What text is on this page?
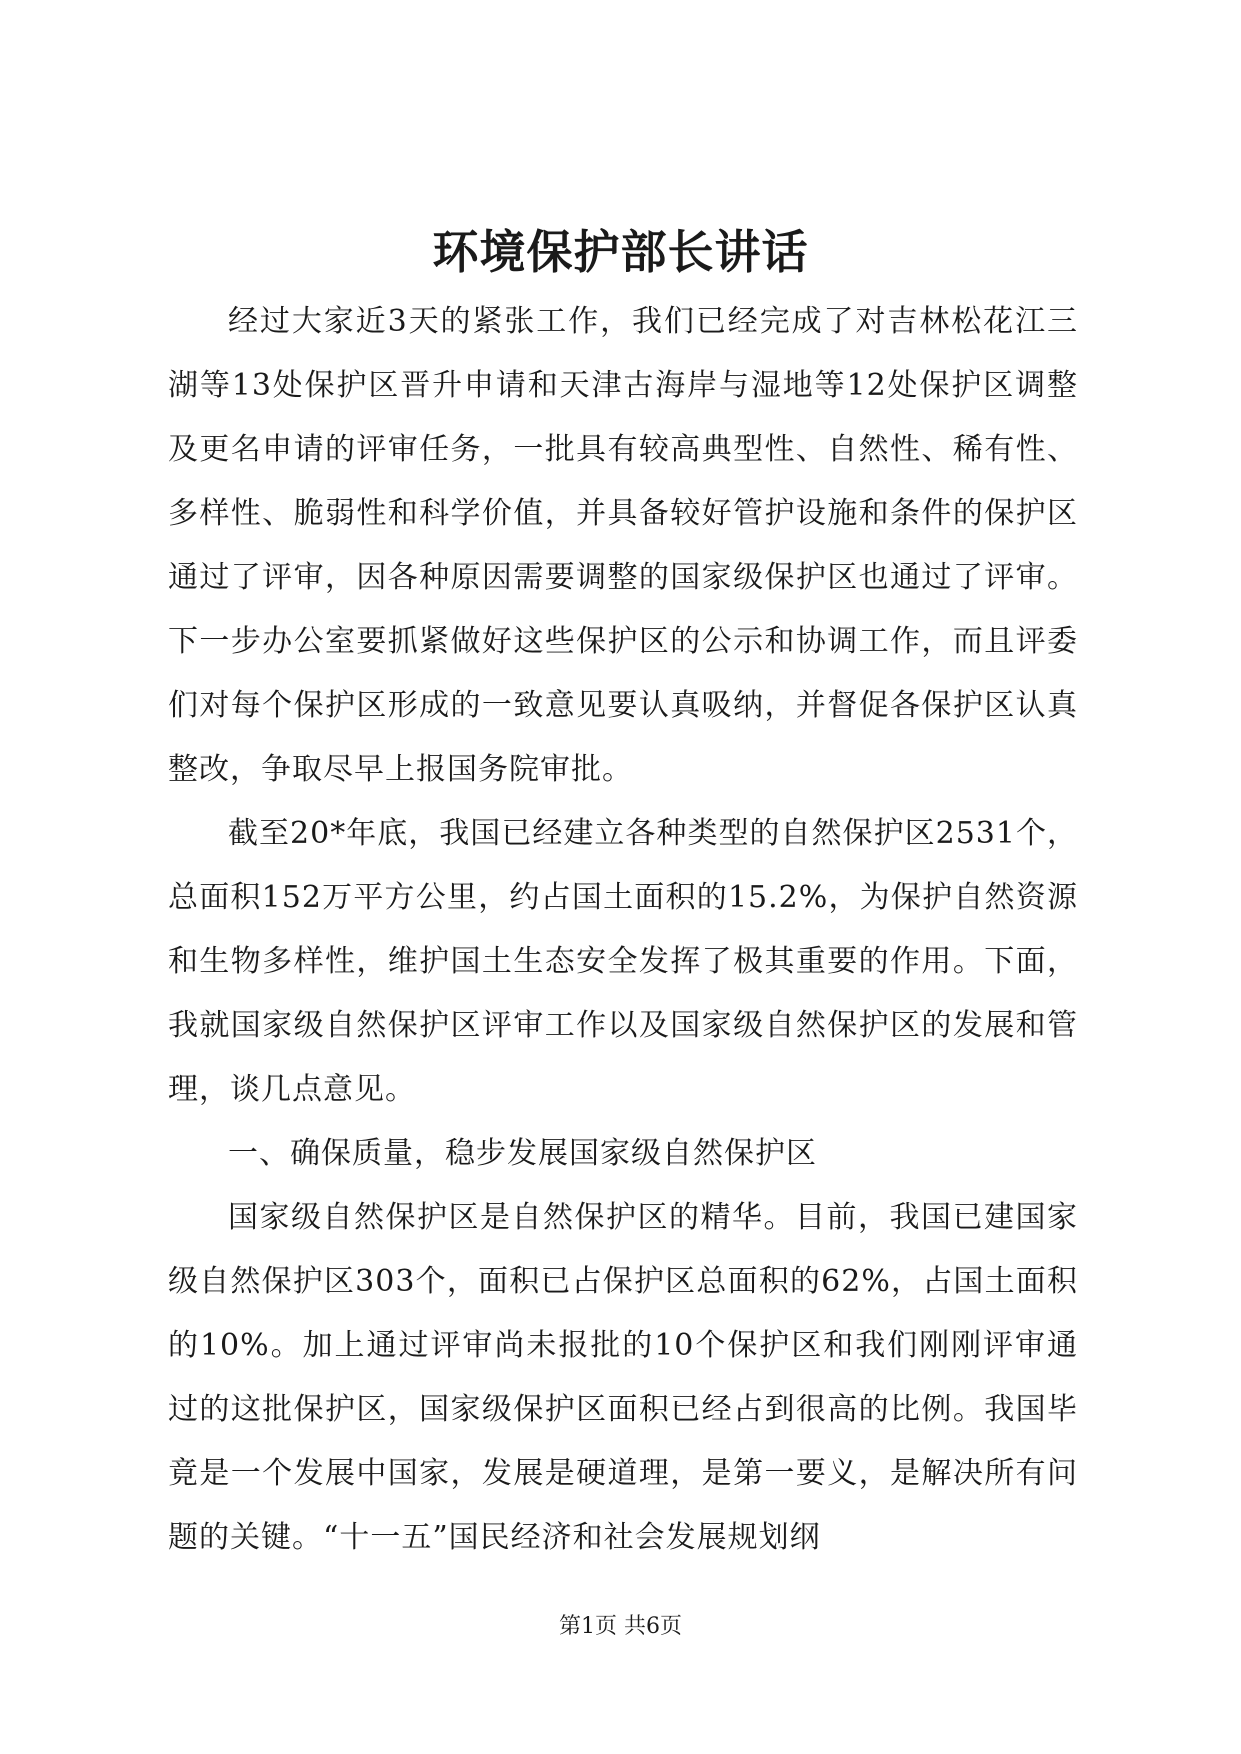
环境保护部长讲话

经过大家近3天的紧张工作，我们已经完成了对吉林松花江三湖等13处保护区晋升申请和天津古海岸与湿地等12处保护区调整及更名申请的评审任务，一批具有较高典型性、自然性、稀有性、多样性、脆弱性和科学价值，并具备较好管护设施和条件的保护区通过了评审，因各种原因需要调整的国家级保护区也通过了评审。下一步办公室要抓紧做好这些保护区的公示和协调工作，而且评委们对每个保护区形成的一致意见要认真吸纳，并督促各保护区认真整改，争取尽早上报国务院审批。

截至20*年底，我国已经建立各种类型的自然保护区2531个，总面积152万平方公里，约占国土面积的15.2%，为保护自然资源和生物多样性，维护国土生态安全发挥了极其重要的作用。下面，我就国家级自然保护区评审工作以及国家级自然保护区的发展和管理，谈几点意见。

一、确保质量，稳步发展国家级自然保护区

国家级自然保护区是自然保护区的精华。目前，我国已建国家级自然保护区303个，面积已占保护区总面积的62%，占国土面积的10%。加上通过评审尚未报批的10个保护区和我们刚刚评审通过的这批保护区，国家级保护区面积已经占到很高的比例。我国毕竟是一个发展中国家，发展是硬道理，是第一要义，是解决所有问题的关键。“十一五”国民经济和社会发展规划纲

第1页 共6页
